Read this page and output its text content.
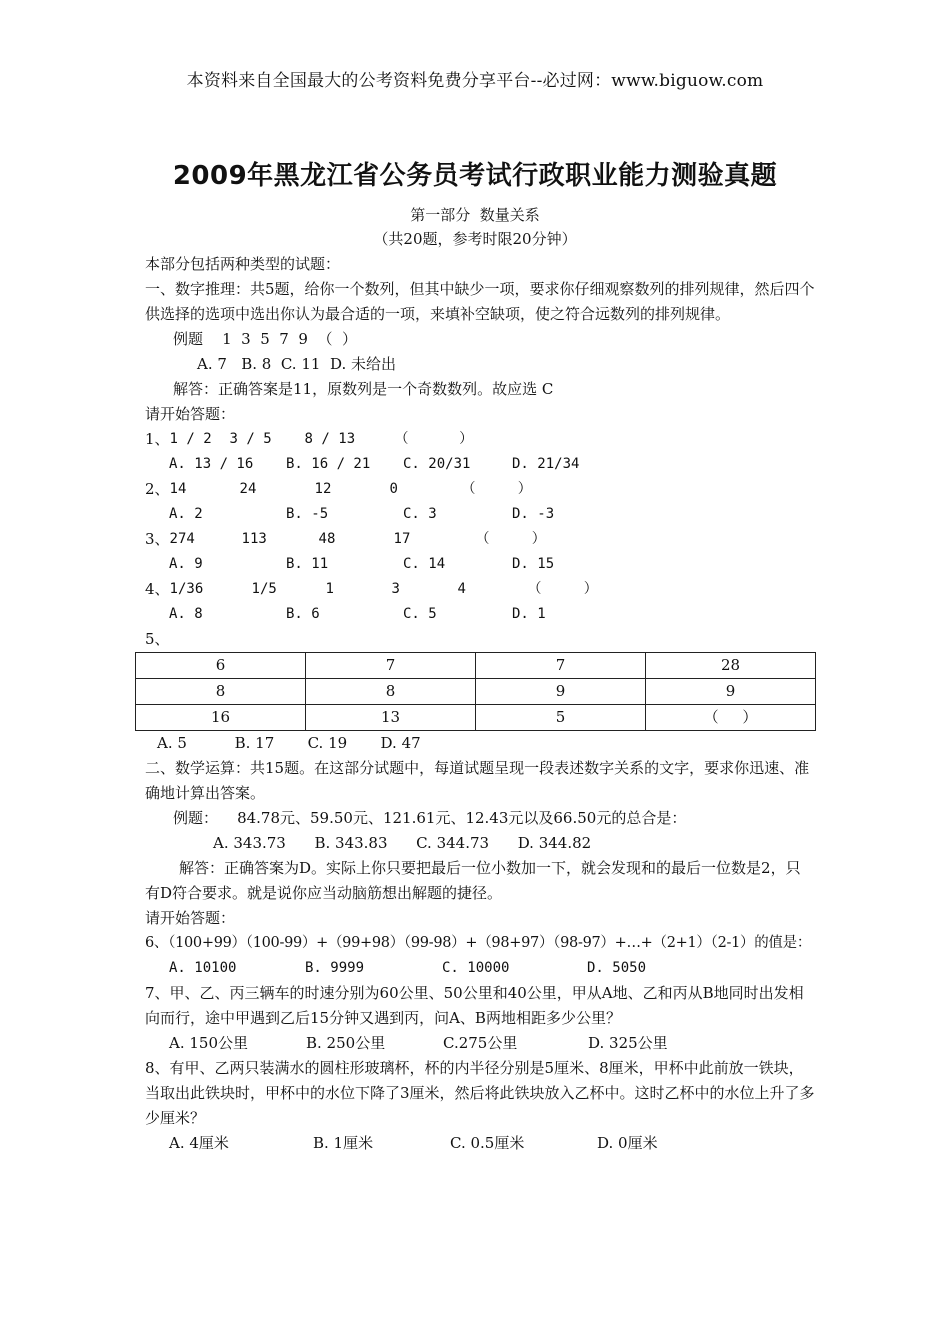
本资料来自全国最大的公考资料免费分享平台--必过网：www.biguow.com
2009年黑龙江省公务员考试行政职业能力测验真题
第一部分  数量关系
（共20题，参考时限20分钟）

本部分包括两种类型的试题：

一、数字推理：共5题，给你一个数列，但其中缺少一项，要求你仔细观察数列的排列规律，然后四个供选择的选项中选出你认为最合适的一项，来填补空缺项，使之符合远数列的排列规律。

例题    1  3  5  7  9  （  ）

A. 7   B. 8  C. 11  D. 未给出

解答：正确答案是11，原数列是一个奇数数列。故应选 C

请开始答题：

1、 1 / 2	3 / 5	8 / 13	（      ）
A. 13 / 16	B. 16 / 21	C. 20/31	D. 21/34
2、 14	24	12	0	（     ）
A. 2	B. -5	C. 3	D. -3
3、 274	113	48	17	（     ）
A. 9	B. 11	C. 14	D. 15
4、 1/36	1/5	1	3	4	（     ）
A. 8	B. 6	C. 5	D. 1

5、

6	7	7	28
8	8	9	9
16	13	5	（     ）

A. 5          B. 17       C. 19       D. 47

二、数学运算：共15题。在这部分试题中，每道试题呈现一段表述数字关系的文字，要求你迅速、准确地计算出答案。

例题：    84.78元、59.50元、121.61元、12.43元以及66.50元的总合是：

A. 343.73      B. 343.83      C. 344.73      D. 344.82

解答：正确答案为D。实际上你只要把最后一位小数加一下，就会发现和的最后一位数是2，只有D符合要求。就是说你应当动脑筋想出解题的捷径。

请开始答题：

6、（100+99）（100-99）+（99+98）（99-98）+（98+97）（98-97）+…+（2+1）（2-1）的值是：

A. 10100	B. 9999	C. 10000	D. 5050

7、甲、乙、丙三辆车的时速分别为60公里、50公里和40公里，甲从A地、乙和丙从B地同时出发相向而行，途中甲遇到乙后15分钟又遇到丙，问A、B两地相距多少公里？

A. 150公里	B. 250公里	C.275公里	D. 325公里

8、有甲、乙两只装满水的圆柱形玻璃杯，杯的内半径分别是5厘米、8厘米，甲杯中此前放一铁块，当取出此铁块时，甲杯中的水位下降了3厘米，然后将此铁块放入乙杯中。这时乙杯中的水位上升了多少厘米？

A. 4厘米	B. 1厘米	C. 0.5厘米	D. 0厘米
